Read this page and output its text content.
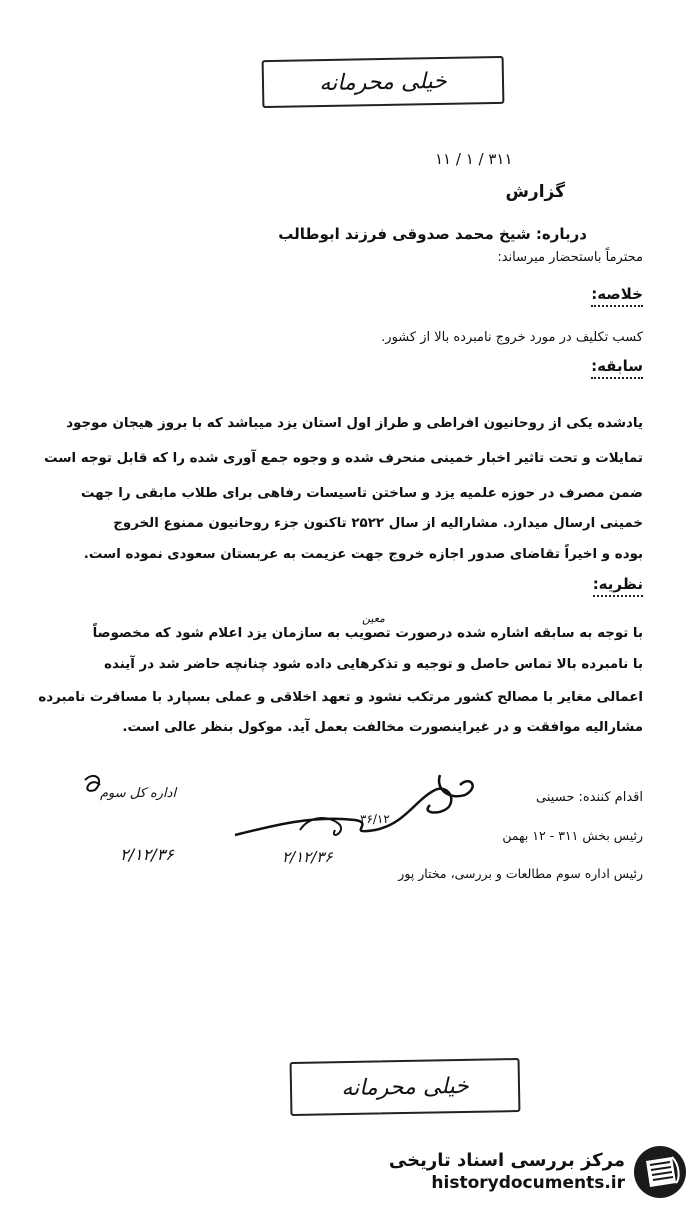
خیلی محرمانه
۳۱۱ / ۱ / ۱۱
گزارش
درباره: شیخ محمد صدوقی فرزند ابوطالب
محترماً باستحضار میرساند:
خلاصه:
کسب تکلیف در مورد خروج نامبرده بالا از کشور.
سابقه:
یادشده یکی از روحانیون افراطی و طراز اول استان یزد میباشد که با بروز هیجان موجود
تمایلات و تحت تاثیر اخبار خمینی منحرف شده و وجوه جمع آوری شده را که قابل توجه است
ضمن مصرف در حوزه علمیه یزد و ساختن تاسیسات رفاهی برای طلاب مابقی را جهت
خمینی ارسال میدارد. مشارالیه از سال ۲۵۲۲ تاکنون جزء روحانیون ممنوع الخروج
بوده و اخیراً تقاضای صدور اجازه خروج جهت عزیمت به عربستان سعودی نموده است.
نظریه:
معین
با توجه به سابقه اشاره شده درصورت تصویب به سازمان یزد اعلام شود که مخصوصاً
با نامبرده بالا تماس حاصل و توجیه و تذکرهایی داده شود چنانچه حاضر شد در آینده
اعمالی مغایر با مصالح کشور مرتکب نشود و تعهد اخلاقی و عملی بسپارد با مسافرت نامبرده
مشارالیه موافقت و در غیراینصورت مخالفت بعمل آید. موکول بنظر عالی است.
اقدام کننده: حسینی
رئیس بخش ۳۱۱ - ۱۲ بهمن
رئیس اداره سوم مطالعات و بررسی، مختار پور
اداره کل سوم
۲/۱۲/۳۶	۲/۱۲/۳۶
۳۶/۱۲
خیلی محرمانه
مرکز بررسی اسناد تاریخی
historydocuments.ir
